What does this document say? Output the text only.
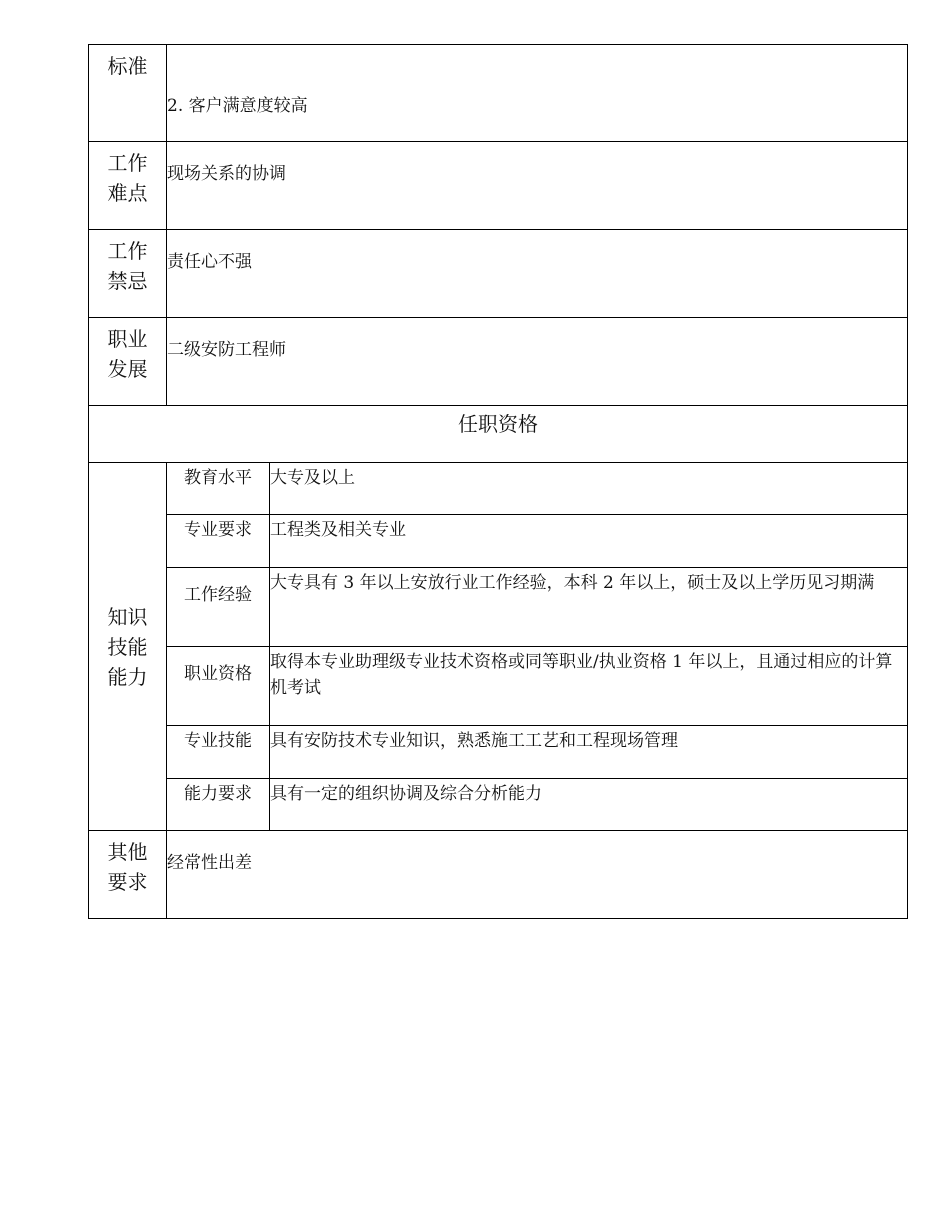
标准	2. 客户满意度较高	

工作
难点	现场关系的协调	

工作
禁忌	责任心不强	

职业
发展	二级安防工程师	
任职资格		

知识
技能
能力	教育水平	大专及以上
	专业要求	工程类及相关专业
	工作经验	大专具有 3 年以上安放行业工作经验，本科 2 年以上，硕士及以上学历见习期满
	职业资格	取得本专业助理级专业技术资格或同等职业/执业资格 1 年以上，且通过相应的计算机考试
	专业技能	具有安防技术专业知识，熟悉施工工艺和工程现场管理
	能力要求	具有一定的组织协调及综合分析能力

其他
要求	经常性出差	
